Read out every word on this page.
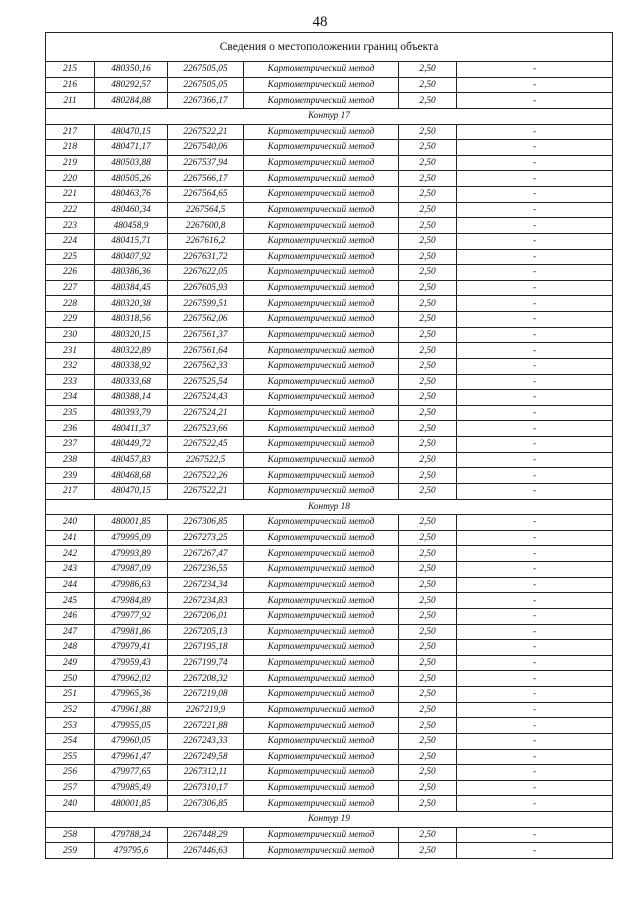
48
Сведения о местоположении границ объекта					
215	480350,16	2267505,05	Картометрический метод	2,50	-
216	480292,57	2267505,05	Картометрический метод	2,50	-
211	480284,88	2267366,17	Картометрический метод	2,50	-
Контур 17					
217	480470,15	2267522,21	Картометрический метод	2,50	-
218	480471,17	2267540,06	Картометрический метод	2,50	-
219	480503,88	2267537,94	Картометрический метод	2,50	-
220	480505,26	2267566,17	Картометрический метод	2,50	-
221	480463,76	2267564,65	Картометрический метод	2,50	-
222	480460,34	2267564,5	Картометрический метод	2,50	-
223	480458,9	2267600,8	Картометрический метод	2,50	-
224	480415,71	2267616,2	Картометрический метод	2,50	-
225	480407,92	2267631,72	Картометрический метод	2,50	-
226	480386,36	2267622,05	Картометрический метод	2,50	-
227	480384,45	2267605,93	Картометрический метод	2,50	-
228	480320,38	2267599,51	Картометрический метод	2,50	-
229	480318,56	2267562,06	Картометрический метод	2,50	-
230	480320,15	2267561,37	Картометрический метод	2,50	-
231	480322,89	2267561,64	Картометрический метод	2,50	-
232	480338,92	2267562,33	Картометрический метод	2,50	-
233	480333,68	2267525,54	Картометрический метод	2,50	-
234	480388,14	2267524,43	Картометрический метод	2,50	-
235	480393,79	2267524,21	Картометрический метод	2,50	-
236	480411,37	2267523,66	Картометрический метод	2,50	-
237	480449,72	2267522,45	Картометрический метод	2,50	-
238	480457,83	2267522,5	Картометрический метод	2,50	-
239	480468,68	2267522,26	Картометрический метод	2,50	-
217	480470,15	2267522,21	Картометрический метод	2,50	-
Контур 18					
240	480001,85	2267306,85	Картометрический метод	2,50	-
241	479995,09	2267273,25	Картометрический метод	2,50	-
242	479993,89	2267267,47	Картометрический метод	2,50	-
243	479987,09	2267236,55	Картометрический метод	2,50	-
244	479986,63	2267234,34	Картометрический метод	2,50	-
245	479984,89	2267234,83	Картометрический метод	2,50	-
246	479977,92	2267206,01	Картометрический метод	2,50	-
247	479981,86	2267205,13	Картометрический метод	2,50	-
248	479979,41	2267195,18	Картометрический метод	2,50	-
249	479959,43	2267199,74	Картометрический метод	2,50	-
250	479962,02	2267208,32	Картометрический метод	2,50	-
251	479965,36	2267219,08	Картометрический метод	2,50	-
252	479961,88	2267219,9	Картометрический метод	2,50	-
253	479955,05	2267221,88	Картометрический метод	2,50	-
254	479960,05	2267243,33	Картометрический метод	2,50	-
255	479961,47	2267249,58	Картометрический метод	2,50	-
256	479977,65	2267312,11	Картометрический метод	2,50	-
257	479985,49	2267310,17	Картометрический метод	2,50	-
240	480001,85	2267306,85	Картометрический метод	2,50	-
Контур 19					
258	479788,24	2267448,29	Картометрический метод	2,50	-
259	479795,6	2267446,63	Картометрический метод	2,50	-
